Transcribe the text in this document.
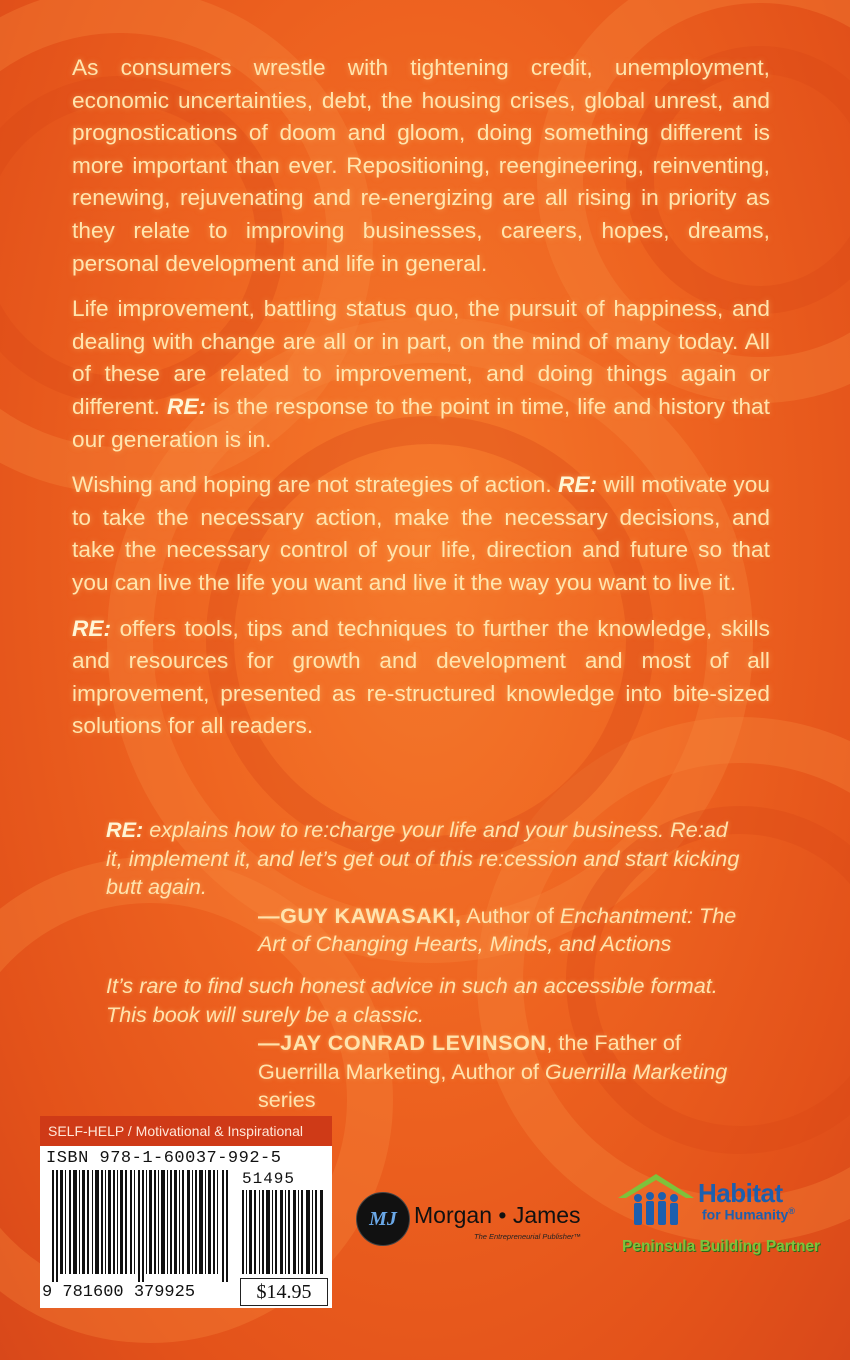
As consumers wrestle with tightening credit, unemployment, economic uncertainties, debt, the housing crises, global unrest, and prognostications of doom and gloom, doing something different is more important than ever. Repositioning, reengineering, reinventing, renewing, rejuvenating and re-energizing are all rising in priority as they relate to improving businesses, careers, hopes, dreams, personal development and life in general.

Life improvement, battling status quo, the pursuit of happiness, and dealing with change are all or in part, on the mind of many today. All of these are related to improvement, and doing things again or different. RE: is the response to the point in time, life and history that our generation is in.

Wishing and hoping are not strategies of action. RE: will motivate you to take the necessary action, make the necessary decisions, and take the necessary control of your life, direction and future so that you can live the life you want and live it the way you want to live it.

RE: offers tools, tips and techniques to further the knowledge, skills and resources for growth and development and most of all improvement, presented as re-structured knowledge into bite-sized solutions for all readers.

RE: explains how to re:charge your life and your business. Re:ad it, implement it, and let’s get out of this re:cession and start kicking butt again.
—GUY KAWASAKI, Author of Enchantment: The Art of Changing Hearts, Minds, and Actions
It’s rare to find such honest advice in such an accessible format. This book will surely be a classic.
—JAY CONRAD LEVINSON, the Father of Guerrilla Marketing, Author of Guerrilla Marketing series
SELF-HELP / Motivational & Inspirational
ISBN 978-1-60037-992-5
51495
9 781600 379925	$14.95
MJ Morgan • James
The Entrepreneurial Publisher™
Habitat
for Humanity®
Peninsula Building Partner
